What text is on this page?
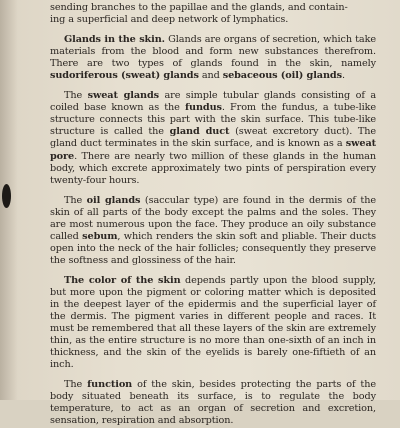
sending branches to the papillae and the glands, and contain-
ing a superficial and deep network of lymphatics.

Glands in the skin. Glands are organs of secretion, which take materials from the blood and form new substances therefrom. There are two types of glands found in the skin, namely sudoriferous (sweat) glands and sebaceous (oil) glands.

The sweat glands are simple tubular glands consisting of a coiled base known as the fundus. From the fundus, a tube-like structure connects this part with the skin surface. This tube-like structure is called the gland duct (sweat excretory duct). The gland duct terminates in the skin surface, and is known as a sweat pore. There are nearly two million of these glands in the human body, which excrete approximately two pints of perspiration every twenty-four hours.

The oil glands (saccular type) are found in the dermis of the skin of all parts of the body except the palms and the soles. They are most numerous upon the face. They produce an oily substance called sebum, which renders the skin soft and pliable. Their ducts open into the neck of the hair follicles; consequently they preserve the softness and glossiness of the hair.

The color of the skin depends partly upon the blood supply, but more upon the pigment or coloring matter which is deposited in the deepest layer of the epidermis and the superficial layer of the dermis. The pigment varies in different people and races. It must be remembered that all these layers of the skin are extremely thin, as the entire structure is no more than one-sixth of an inch in thickness, and the skin of the eyelids is barely one-fiftieth of an inch.

The function of the skin, besides protecting the parts of the body situated beneath its surface, is to regulate the body temperature, to act as an organ of secretion and excretion, sensation, respiration and absorption.
